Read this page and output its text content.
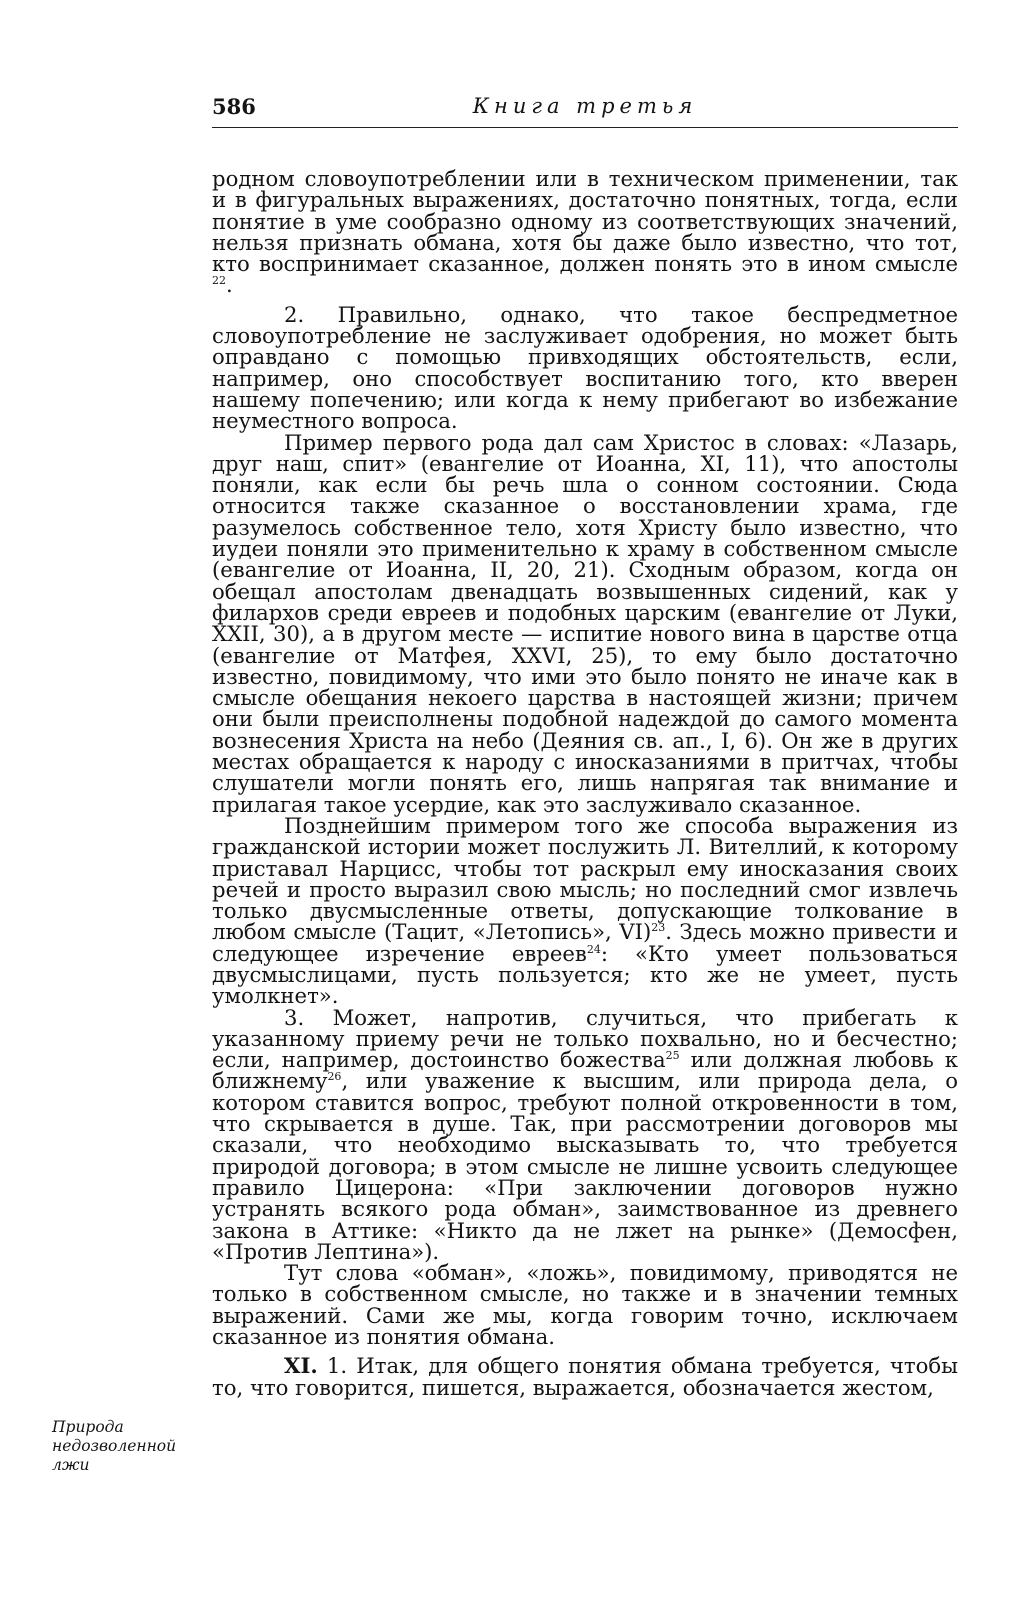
586	Книга третья

родном словоупотреблении или в техническом применении, так и в фигуральных выражениях, достаточно понятных, тогда, если понятие в уме сообразно одному из соответствующих значений, нельзя признать обмана, хотя бы даже было известно, что тот, кто воспринимает сказанное, должен понять это в ином смысле $^{22}$.

2. Правильно, однако, что такое беспредметное словоупотребление не заслуживает одобрения, но может быть оправдано с помощью привходящих обстоятельств, если, например, оно способствует воспитанию того, кто вверен нашему попечению; или когда к нему прибегают во избежание неуместного вопроса.

Пример первого рода дал сам Христос в словах: «Лазарь, друг наш, спит» (евангелие от Иоанна, XI, 11), что апостолы поняли, как если бы речь шла о сонном состоянии. Сюда относится также сказанное о восстановлении храма, где разумелось собственное тело, хотя Христу было известно, что иудеи поняли это применительно к храму в собственном смысле (евангелие от Иоанна, II, 20, 21). Сходным образом, когда он обещал апостолам двенадцать возвышенных сидений, как у филархов среди евреев и подобных царским (евангелие от Луки, XXII, 30), а в другом месте — испитие нового вина в царстве отца (евангелие от Матфея, XXVI, 25), то ему было достаточно известно, повидимому, что ими это было понято не иначе как в смысле обещания некоего царства в настоящей жизни; причем они были преисполнены подобной надеждой до самого момента вознесения Христа на небо (Деяния св. ап., I, 6). Он же в других местах обращается к народу с иносказаниями в притчах, чтобы слушатели могли понять его, лишь напрягая так внимание и прилагая такое усердие, как это заслуживало сказанное.

Позднейшим примером того же способа выражения из гражданской истории может послужить Л. Вителлий, к которому приставал Нарцисс, чтобы тот раскрыл ему иносказания своих речей и просто выразил свою мысль; но последний смог извлечь только двусмысленные ответы, допускающие толкование в любом смысле (Тацит, «Летопись», VI)$^{23}$. Здесь можно привести и следующее изречение евреев$^{24}$: «Кто умеет пользоваться двусмыслицами, пусть пользуется; кто же не умеет, пусть умолкнет».

3. Может, напротив, случиться, что прибегать к указанному приему речи не только похвально, но и бесчестно; если, например, достоинство божества$^{25}$ или должная любовь к ближнему$^{26}$, или уважение к высшим, или природа дела, о котором ставится вопрос, требуют полной откровенности в том, что скрывается в душе. Так, при рассмотрении договоров мы сказали, что необходимо высказывать то, что требуется природой договора; в этом смысле не лишне усвоить следующее правило Цицерона: «При заключении договоров нужно устранять всякого рода обман», заимствованное из древнего закона в Аттике: «Никто да не лжет на рынке» (Демосфен, «Против Лептина»).

Тут слова «обман», «ложь», повидимому, приводятся не только в собственном смысле, но также и в значении темных выражений. Сами же мы, когда говорим точно, исключаем сказанное из понятия обмана.

XI. 1. Итак, для общего понятия обмана требуется, чтобы то, что говорится, пишется, выражается, обозначается жестом,

Природа недозволенной лжи
